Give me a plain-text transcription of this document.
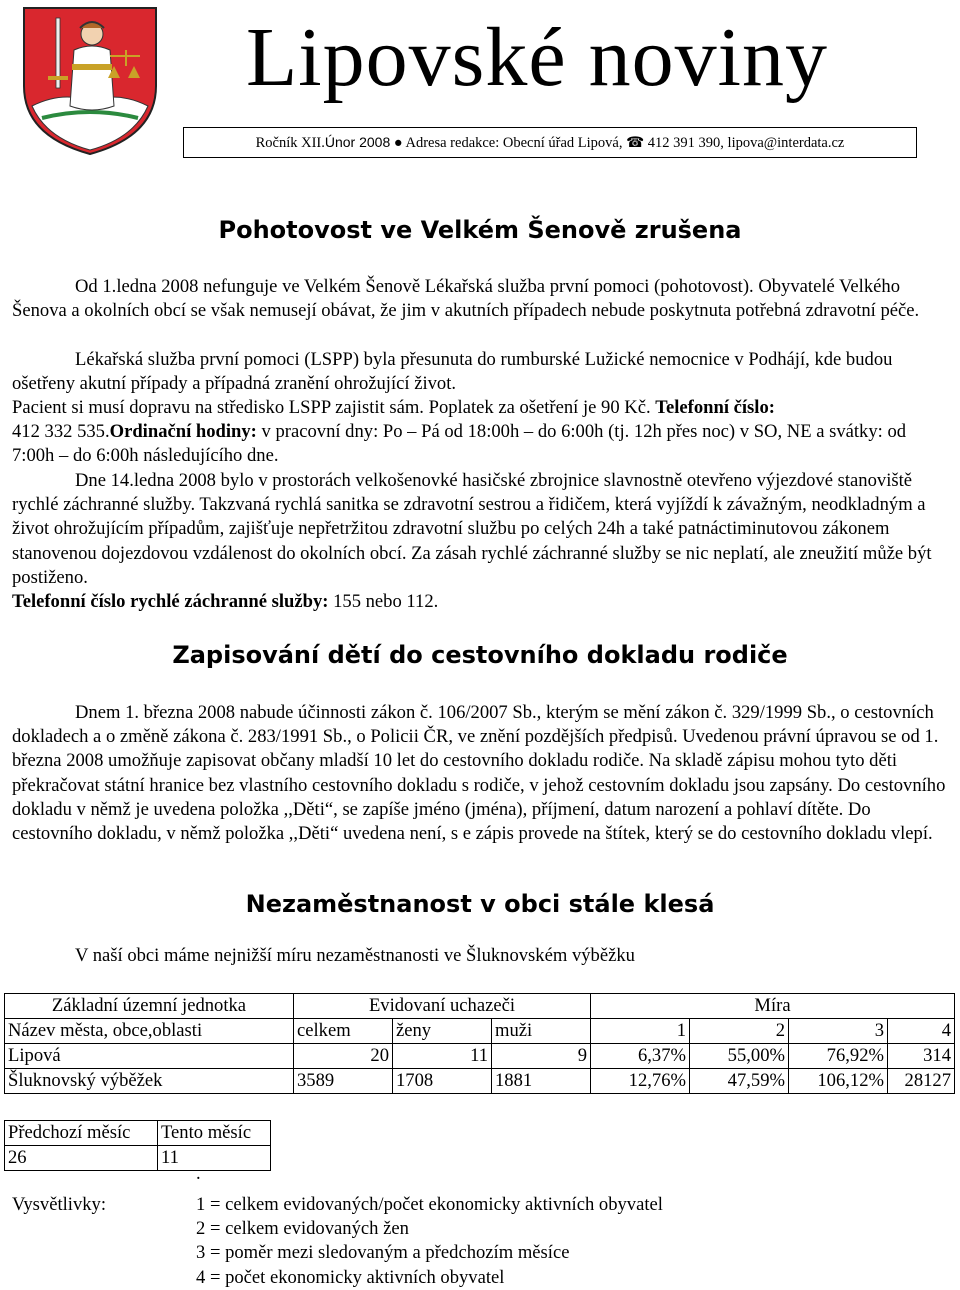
Lipovské noviny
Ročník XII.Únor 2008 ● Adresa redakce: Obecní úřad Lipová, ☎ 412 391 390, lipova@interdata.cz
Pohotovost ve Velkém Šenově zrušena

Od 1.ledna 2008 nefunguje ve Velkém Šenově Lékařská služba první pomoci (pohotovost). Obyvatelé Velkého Šenova a okolních obcí se však nemusejí obávat, že jim v akutních případech nebude poskytnuta potřebná zdravotní péče.

Lékařská služba první pomoci (LSPP) byla přesunuta do rumburské Lužické nemocnice v Podhájí, kde budou ošetřeny akutní případy a případná zranění ohrožující život.

Pacient si musí dopravu na středisko LSPP zajistit sám. Poplatek za ošetření je 90 Kč. Telefonní číslo:
412 332 535.Ordinační hodiny: v pracovní dny: Po – Pá od 18:00h – do 6:00h (tj. 12h přes noc) v SO, NE a svátky: od 7:00h – do 6:00h následujícího dne.

Dne 14.ledna 2008 bylo v prostorách velkošenovké hasičské zbrojnice slavnostně otevřeno výjezdové stanoviště rychlé záchranné služby. Takzvaná rychlá sanitka se zdravotní sestrou a řidičem, která vyjíždí k závažným, neodkladným a život ohrožujícím případům, zajišťuje nepřetržitou zdravotní službu po celých 24h a také patnáctiminutovou zákonem stanovenou dojezdovou vzdálenost do okolních obcí. Za zásah rychlé záchranné služby se nic neplatí, ale zneužití může být postiženo.

Telefonní číslo rychlé záchranné služby: 155 nebo 112.

Zapisování dětí do cestovního dokladu rodiče

Dnem 1. března 2008 nabude účinnosti zákon č. 106/2007 Sb., kterým se mění zákon č. 329/1999 Sb., o cestovních dokladech a o změně zákona č. 283/1991 Sb., o Policii ČR, ve znění pozdějších předpisů. Uvedenou právní úpravou se od 1. března 2008 umožňuje zapisovat občany mladší 10 let do cestovního dokladu rodiče. Na skladě zápisu mohou tyto děti překračovat státní hranice bez vlastního cestovního dokladu s rodiče, v jehož cestovním dokladu jsou zapsány. Do cestovního dokladu v němž je uvedena položka ,,Děti“, se zapíše jméno (jména), příjmení, datum narození a pohlaví dítěte. Do cestovního dokladu, v němž položka ,,Děti“ uvedena není, s e zápis provede na štítek, který se do cestovního dokladu vlepí.

Nezaměstnanost v obci stále klesá

V naší obci máme nejnižší míru nezaměstnanosti ve Šluknovském výběžku

Základní územní jednotka	Evidovaní uchazeči			Míra			
Název města, obce,oblasti	celkem	ženy	muži	1	2	3	4
Lipová	20	11	9	6,37%	55,00%	76,92%	314
Šluknovský výběžek	3589	1708	1881	12,76%	47,59%	106,12%	28127
Předchozí měsíc	Tento měsíc
26	11
.
Vysvětlivky:	1 = celkem evidovaných/počet ekonomicky aktivních obyvatel
2 = celkem evidovaných žen
3 = poměr mezi sledovaným a předchozím měsíce
4 = počet ekonomicky aktivních obyvatel
